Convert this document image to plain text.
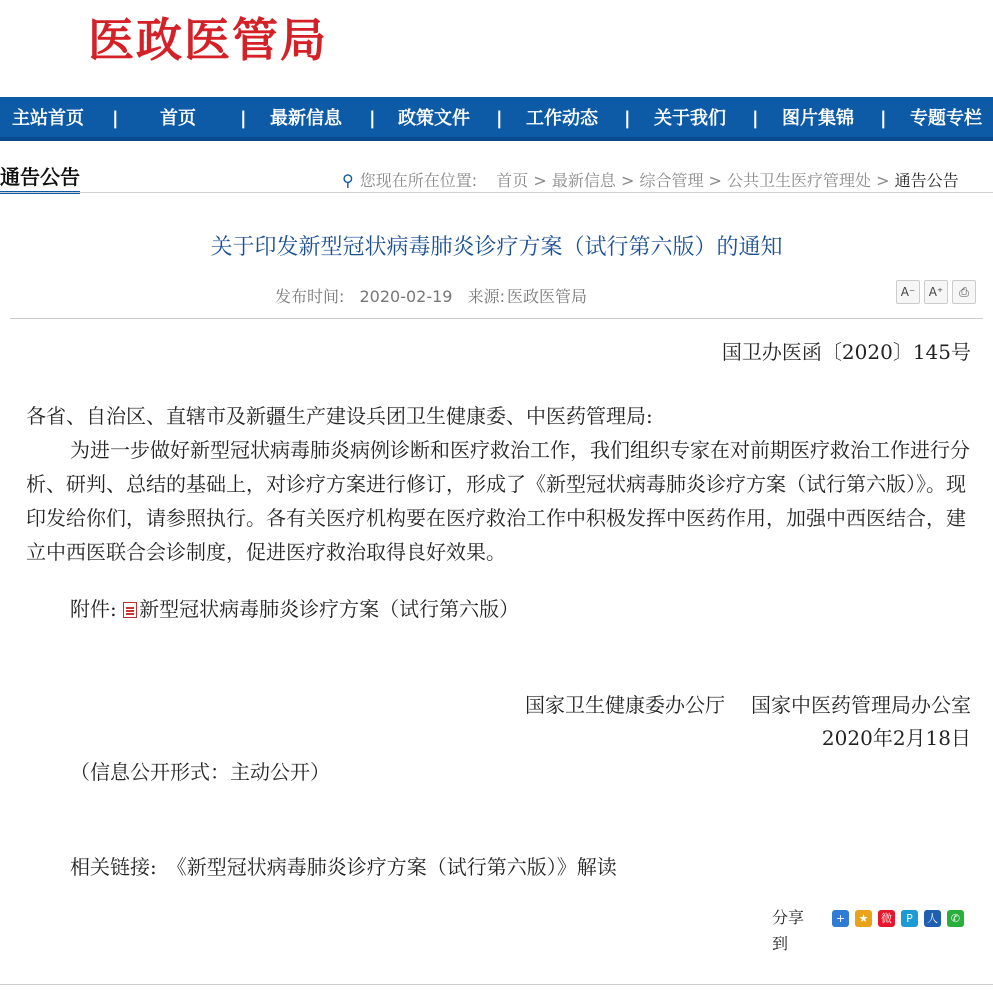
医政医管局
主站首页 | 首页 | 最新信息 | 政策文件 | 工作动态 | 关于我们 | 图片集锦 | 专题专栏
通告公告	⚲ 您现在所在位置: 首页 > 最新信息 > 综合管理 > 公共卫生医疗管理处 > 通告公告
关于印发新型冠状病毒肺炎诊疗方案（试行第六版）的通知
发布时间: 2020-02-19 来源: 医政医管局	A⁻ A⁺ ⎙
国卫办医函〔2020〕145号

各省、自治区、直辖市及新疆生产建设兵团卫生健康委、中医药管理局:

为进一步做好新型冠状病毒肺炎病例诊断和医疗救治工作，我们组织专家在对前期医疗救治工作进行分析、研判、总结的基础上，对诊疗方案进行修订，形成了《新型冠状病毒肺炎诊疗方案（试行第六版）》。现印发给你们，请参照执行。各有关医疗机构要在医疗救治工作中积极发挥中医药作用，加强中西医结合，建立中西医联合会诊制度，促进医疗救治取得良好效果。

附件: 新型冠状病毒肺炎诊疗方案（试行第六版）
国家卫生健康委办公厅 国家中医药管理局办公室
2020年2月18日
（信息公开形式：主动公开）
相关链接: 《新型冠状病毒肺炎诊疗方案（试行第六版）》解读
分享到
+ ★ 微 P 人 ✆
